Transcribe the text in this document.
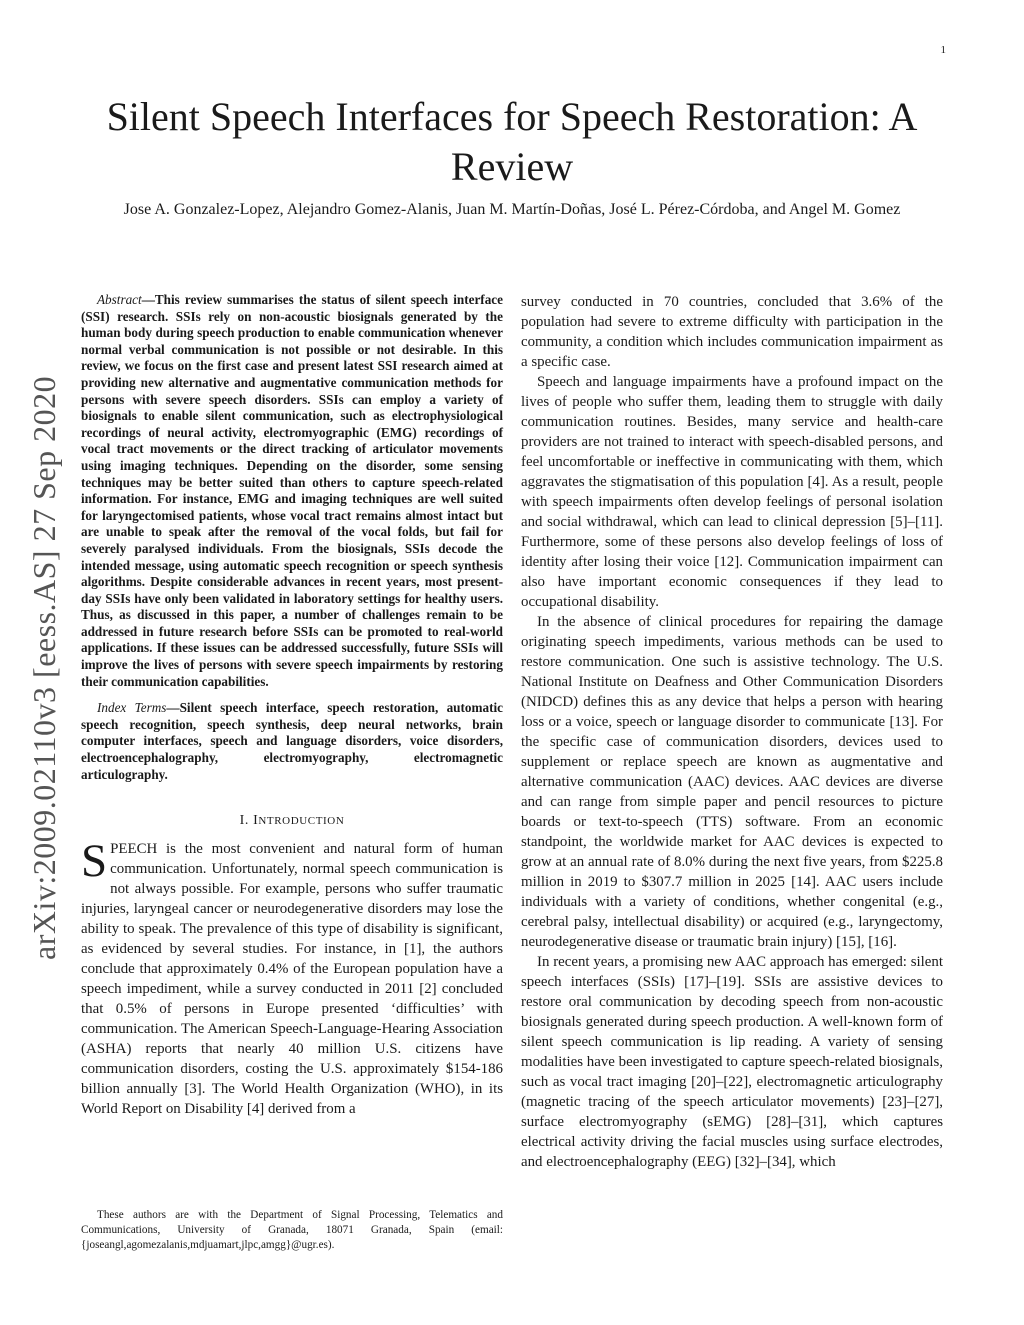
1
Silent Speech Interfaces for Speech Restoration: A Review
Jose A. Gonzalez-Lopez, Alejandro Gomez-Alanis, Juan M. Martín-Doñas, José L. Pérez-Córdoba, and Angel M. Gomez
arXiv:2009.02110v3 [eess.AS] 27 Sep 2020

Abstract—This review summarises the status of silent speech interface (SSI) research. SSIs rely on non-acoustic biosignals generated by the human body during speech production to enable communication whenever normal verbal communication is not possible or not desirable. In this review, we focus on the first case and present latest SSI research aimed at providing new alternative and augmentative communication methods for persons with severe speech disorders. SSIs can employ a variety of biosignals to enable silent communication, such as electrophysiological recordings of neural activity, electromyographic (EMG) recordings of vocal tract movements or the direct tracking of articulator movements using imaging techniques. Depending on the disorder, some sensing techniques may be better suited than others to capture speech-related information. For instance, EMG and imaging techniques are well suited for laryngectomised patients, whose vocal tract remains almost intact but are unable to speak after the removal of the vocal folds, but fail for severely paralysed individuals. From the biosignals, SSIs decode the intended message, using automatic speech recognition or speech synthesis algorithms. Despite considerable advances in recent years, most present-day SSIs have only been validated in laboratory settings for healthy users. Thus, as discussed in this paper, a number of challenges remain to be addressed in future research before SSIs can be promoted to real-world applications. If these issues can be addressed successfully, future SSIs will improve the lives of persons with severe speech impairments by restoring their communication capabilities.

Index Terms—Silent speech interface, speech restoration, automatic speech recognition, speech synthesis, deep neural networks, brain computer interfaces, speech and language disorders, voice disorders, electroencephalography, electromyography, electromagnetic articulography.

I. INTRODUCTION

SPEECH is the most convenient and natural form of human communication. Unfortunately, normal speech communication is not always possible. For example, persons who suffer traumatic injuries, laryngeal cancer or neurodegenerative disorders may lose the ability to speak. The prevalence of this type of disability is significant, as evidenced by several studies. For instance, in [1], the authors conclude that approximately 0.4% of the European population have a speech impediment, while a survey conducted in 2011 [2] concluded that 0.5% of persons in Europe presented ‘difficulties’ with communication. The American Speech-Language-Hearing Association (ASHA) reports that nearly 40 million U.S. citizens have communication disorders, costing the U.S. approximately $154-186 billion annually [3]. The World Health Organization (WHO), in its World Report on Disability [4] derived from a

These authors are with the Department of Signal Processing, Telematics and Communications, University of Granada, 18071 Granada, Spain (email: {joseangl,agomezalanis,mdjuamart,jlpc,amgg}@ugr.es).

survey conducted in 70 countries, concluded that 3.6% of the population had severe to extreme difficulty with participation in the community, a condition which includes communication impairment as a specific case.

Speech and language impairments have a profound impact on the lives of people who suffer them, leading them to struggle with daily communication routines. Besides, many service and health-care providers are not trained to interact with speech-disabled persons, and feel uncomfortable or ineffective in communicating with them, which aggravates the stigmatisation of this population [4]. As a result, people with speech impairments often develop feelings of personal isolation and social withdrawal, which can lead to clinical depression [5]–[11]. Furthermore, some of these persons also develop feelings of loss of identity after losing their voice [12]. Communication impairment can also have important economic consequences if they lead to occupational disability.

In the absence of clinical procedures for repairing the damage originating speech impediments, various methods can be used to restore communication. One such is assistive technology. The U.S. National Institute on Deafness and Other Communication Disorders (NIDCD) defines this as any device that helps a person with hearing loss or a voice, speech or language disorder to communicate [13]. For the specific case of communication disorders, devices used to supplement or replace speech are known as augmentative and alternative communication (AAC) devices. AAC devices are diverse and can range from simple paper and pencil resources to picture boards or text-to-speech (TTS) software. From an economic standpoint, the worldwide market for AAC devices is expected to grow at an annual rate of 8.0% during the next five years, from $225.8 million in 2019 to $307.7 million in 2025 [14]. AAC users include individuals with a variety of conditions, whether congenital (e.g., cerebral palsy, intellectual disability) or acquired (e.g., laryngectomy, neurodegenerative disease or traumatic brain injury) [15], [16].

In recent years, a promising new AAC approach has emerged: silent speech interfaces (SSIs) [17]–[19]. SSIs are assistive devices to restore oral communication by decoding speech from non-acoustic biosignals generated during speech production. A well-known form of silent speech communication is lip reading. A variety of sensing modalities have been investigated to capture speech-related biosignals, such as vocal tract imaging [20]–[22], electromagnetic articulography (magnetic tracing of the speech articulator movements) [23]–[27], surface electromyography (sEMG) [28]–[31], which captures electrical activity driving the facial muscles using surface electrodes, and electroencephalography (EEG) [32]–[34], which
